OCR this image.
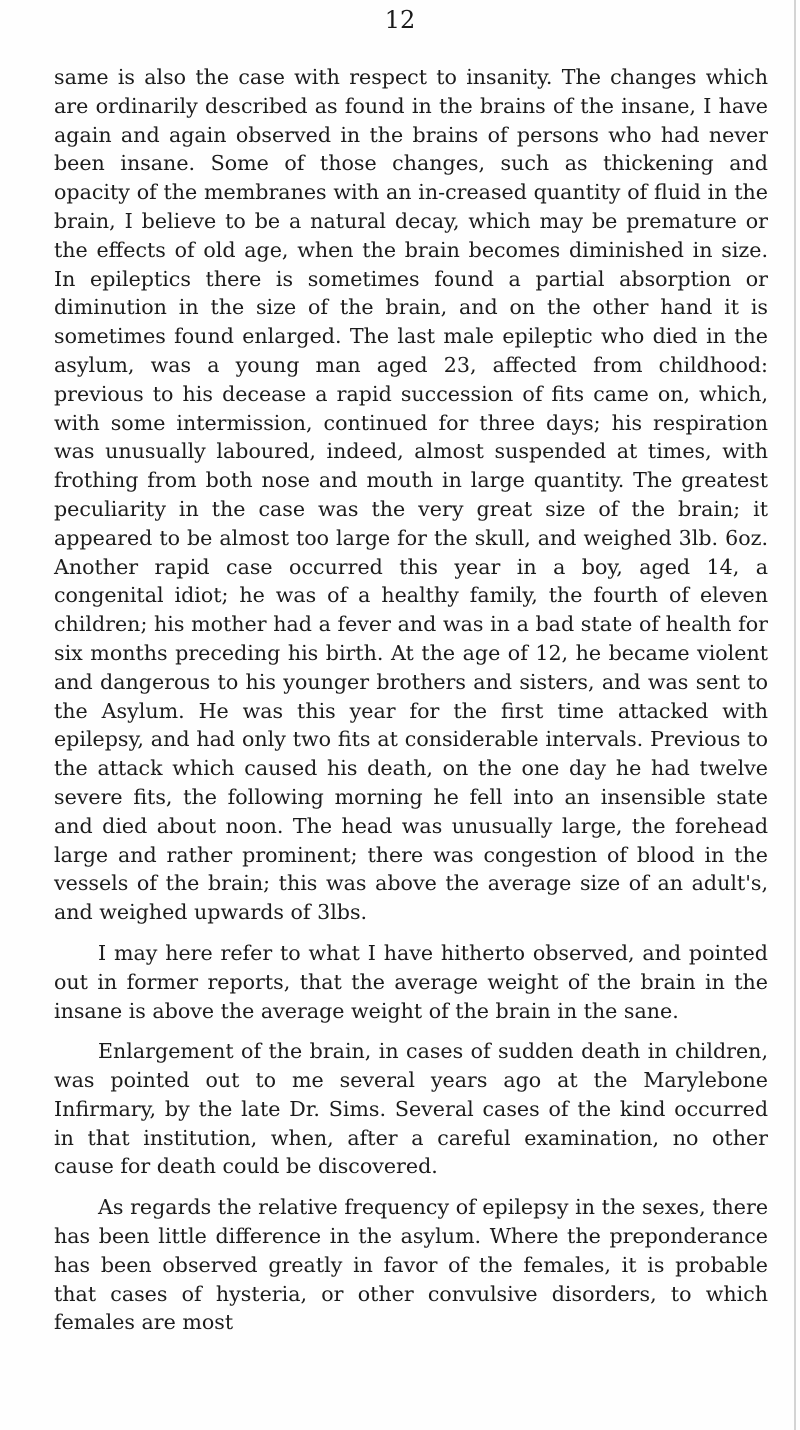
12

same is also the case with respect to insanity. The changes which are ordinarily described as found in the brains of the insane, I have again and again observed in the brains of persons who had never been insane. Some of those changes, such as thickening and opacity of the membranes with an in-creased quantity of fluid in the brain, I believe to be a natural decay, which may be premature or the effects of old age, when the brain becomes diminished in size. In epileptics there is sometimes found a partial absorption or diminution in the size of the brain, and on the other hand it is sometimes found enlarged. The last male epileptic who died in the asylum, was a young man aged 23, affected from childhood: previous to his decease a rapid succession of fits came on, which, with some intermission, continued for three days; his respiration was unusually laboured, indeed, almost suspended at times, with frothing from both nose and mouth in large quantity. The greatest peculiarity in the case was the very great size of the brain; it appeared to be almost too large for the skull, and weighed 3lb. 6oz. Another rapid case occurred this year in a boy, aged 14, a congenital idiot; he was of a healthy family, the fourth of eleven children; his mother had a fever and was in a bad state of health for six months preceding his birth. At the age of 12, he became violent and dangerous to his younger brothers and sisters, and was sent to the Asylum. He was this year for the first time attacked with epilepsy, and had only two fits at considerable intervals. Previous to the attack which caused his death, on the one day he had twelve severe fits, the following morning he fell into an insensible state and died about noon. The head was unusually large, the forehead large and rather prominent; there was congestion of blood in the vessels of the brain; this was above the average size of an adult's, and weighed upwards of 3lbs.

I may here refer to what I have hitherto observed, and pointed out in former reports, that the average weight of the brain in the insane is above the average weight of the brain in the sane.

Enlargement of the brain, in cases of sudden death in children, was pointed out to me several years ago at the Marylebone Infirmary, by the late Dr. Sims. Several cases of the kind occurred in that institution, when, after a careful examination, no other cause for death could be discovered.

As regards the relative frequency of epilepsy in the sexes, there has been little difference in the asylum. Where the preponderance has been observed greatly in favor of the females, it is probable that cases of hysteria, or other convulsive disorders, to which females are most
